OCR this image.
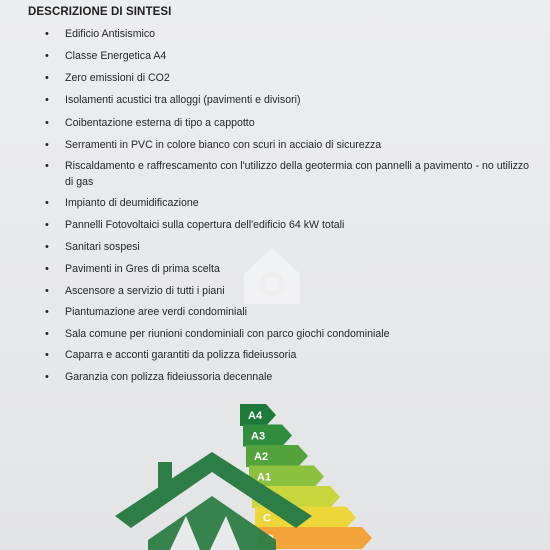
DESCRIZIONE DI SINTESI
• Edificio Antisismico
• Classe Energetica A4
• Zero emissioni di CO2
• Isolamenti acustici tra alloggi (pavimenti e divisori)
• Coibentazione esterna di tipo a cappotto
• Serramenti in PVC in colore bianco con scuri in acciaio di sicurezza
• Riscaldamento e raffrescamento con l'utilizzo della geotermia con pannelli a pavimento - no utilizzo di gas
• Impianto di deumidificazione
• Pannelli Fotovoltaici sulla copertura dell'edificio 64 kW totali
• Sanitari sospesi
• Pavimenti in Gres di prima scelta
• Ascensore a servizio di tutti i piani
• Piantumazione aree verdi condominiali
• Sala comune per riunioni condominiali con parco giochi condominiale
• Caparra e acconti garantiti da polizza fideiussoria
• Garanzia con polizza fideiussoria decennale
A4
A3
A2
A1
C
